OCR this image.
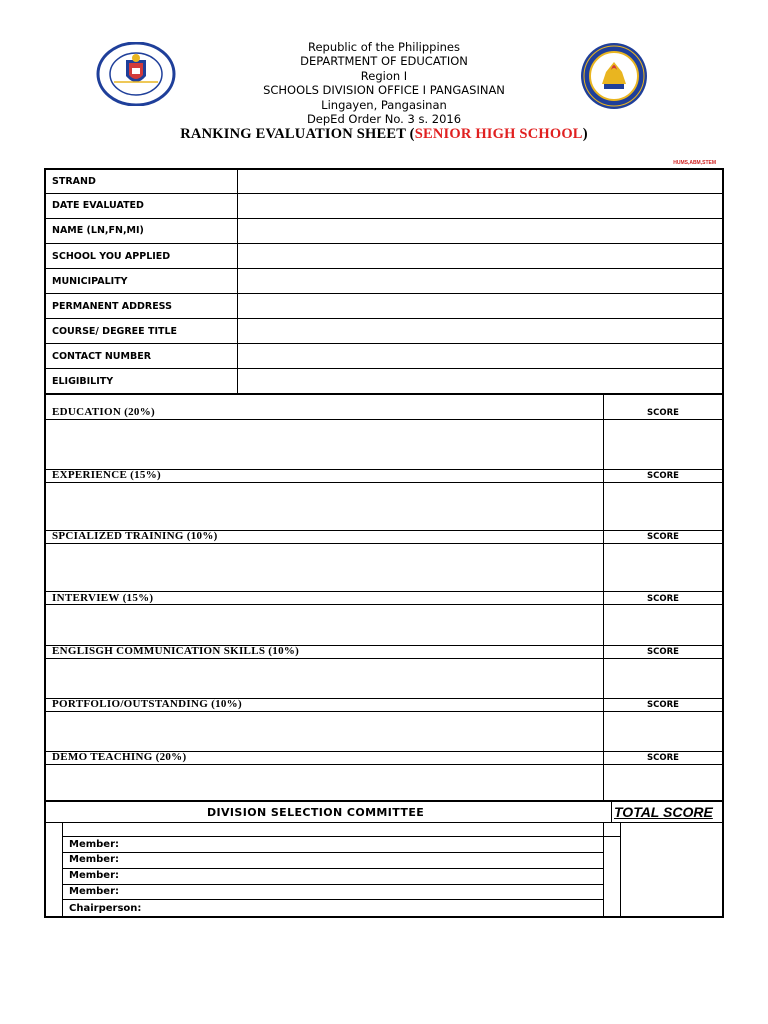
Republic of the Philippines
DEPARTMENT OF EDUCATION
Region I
SCHOOLS DIVISION OFFICE I PANGASINAN
Lingayen, Pangasinan
DepEd Order No. 3 s. 2016
RANKING EVALUATION SHEET (SENIOR HIGH SCHOOL)
HUMS,ABM,STEM
STRAND
DATE EVALUATED
NAME (LN,FN,MI)
SCHOOL YOU APPLIED
MUNICIPALITY
PERMANENT ADDRESS
COURSE/ DEGREE TITLE
CONTACT NUMBER
ELIGIBILITY
EDUCATION (20%)	SCORE
EXPERIENCE (15%)	SCORE
SPCIALIZED TRAINING (10%)	SCORE
INTERVIEW (15%)	SCORE
ENGLISGH COMMUNICATION SKILLS (10%)	SCORE
PORTFOLIO/OUTSTANDING (10%)	SCORE
DEMO TEACHING (20%)	SCORE
DIVISION SELECTION COMMITTEE	TOTAL SCORE
Member:
Member:
Member:
Member:
Chairperson:
